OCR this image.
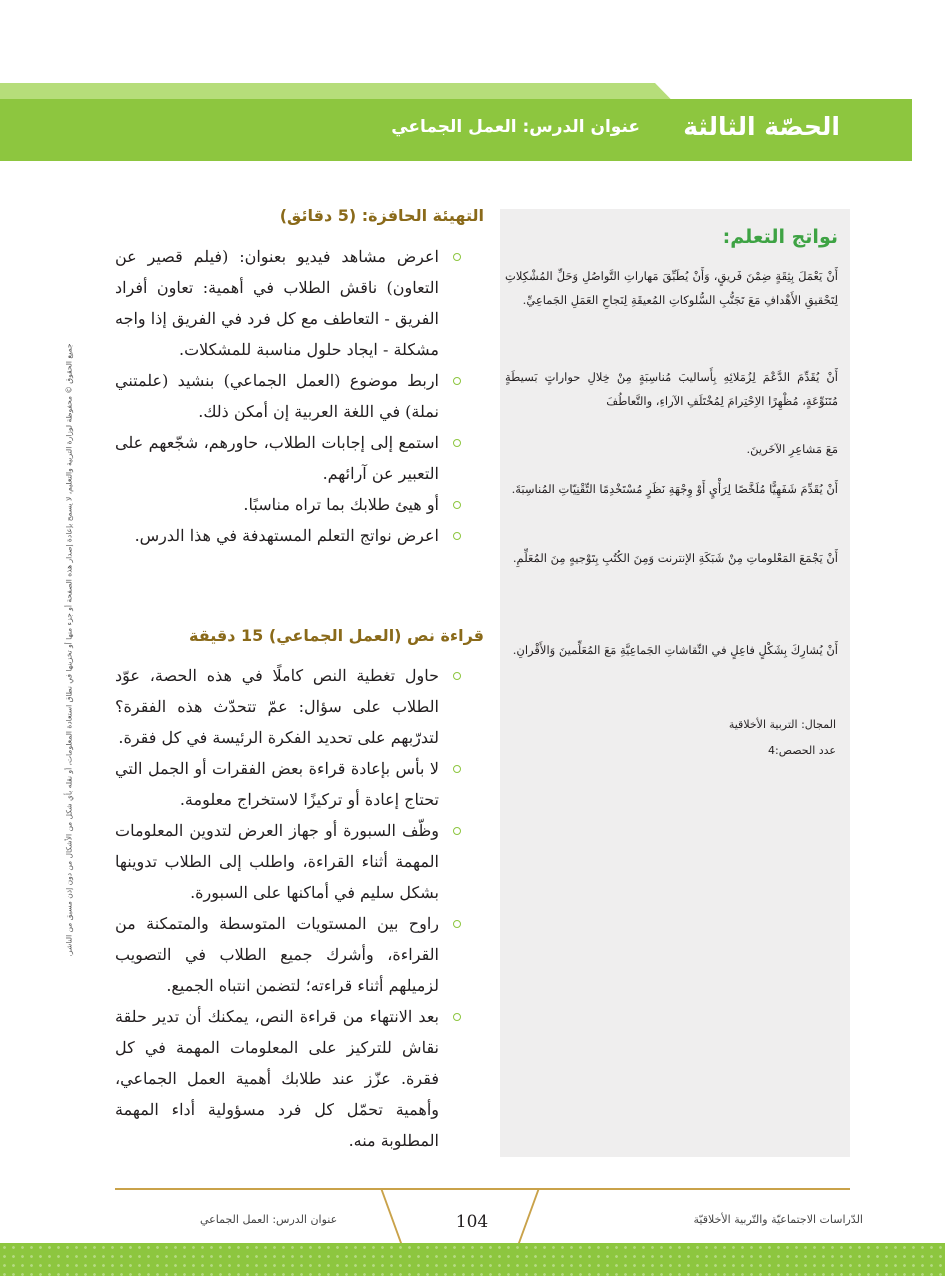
الحصّة الثالثة
عنوان الدرس: العمل الجماعي
نواتج التعلم:
أَنْ يَعْمَلَ بِثِقَةٍ ضِمْنَ فَريقٍ، وَأَنْ يُطَبِّقَ مَهاراتِ التَّواصُلِ وَحَلِّ المُشْكِلاتِ لِتَحْقيقِ الأَهْدافِ مَعَ تَجَنُّبِ السُّلوكاتِ المُعيقَةِ لِنَجاحِ العَمَلِ الجَماعِيِّ.
أَنْ يُقَدِّمَ الدَّعْمَ لِزُمَلائِهِ بِأَساليبَ مُناسِبَةٍ مِنْ خِلالِ حواراتٍ بَسيطَةٍ مُتَنَوِّعَةٍ، مُظْهِرًا الاِحْتِرامَ لِمُخْتَلَفِ الآراءِ، والتَّعاطُفَ
مَعَ مَشاعِرِ الآخَرينَ.
أَنْ يُقَدِّمَ شَفَهِيًّا مُلَخَّصًا لِرَأْيٍ أَوْ وِجْهَةِ نَظَرٍ مُسْتَخْدِمًا التِّقْنِيّاتِ المُناسِبَةَ.
أَنْ يَجْمَعَ المَعْلوماتِ مِنْ شَبَكَةِ الإنترنت وَمِنَ الكُتُبِ بِتَوْجيهٍ مِنَ المُعَلِّمِ.
أَنْ يُشارِكَ بِشَكْلٍ فاعِلٍ في النِّقاشاتِ الجَماعِيَّةِ مَعَ المُعَلِّمينَ وَالأَقْرانِ.
المجال: التربية الأخلاقية
عدد الحصص:4
جميع الحقوق © محفوظة لوزارة التربية والتعليم، لا يسمح بإعادة إصدار هذه الصفحة أو جزء منها أو تخزينها في نطاق استعادة المعلومات، أو نقله بأي شكل من الأشكال من دون إذن مسبق من الناشر.
التهيئة الحافزة: (5 دقائق)
اعرض مشاهد فيديو بعنوان: (فيلم قصير عن التعاون) ناقش الطلاب في أهمية: تعاون أفراد الفريق - التعاطف مع كل فرد في الفريق إذا واجه مشكلة - ايجاد حلول مناسبة للمشكلات.
اربط موضوع (العمل الجماعي) بنشيد (علمتني نملة) في اللغة العربية إن أمكن ذلك.
استمع إلى إجابات الطلاب، حاورهم، شجّعهم على التعبير عن آرائهم.
أو هيئ طلابك بما تراه مناسبًا.
اعرض نواتج التعلم المستهدفة في هذا الدرس.
قراءة نص (العمل الجماعي) 15 دقيقة
حاول تغطية النص كاملًا في هذه الحصة، عوّد الطلاب على سؤال: عمّ تتحدّث هذه الفقرة؟ لتدرّبهم على تحديد الفكرة الرئيسة في كل فقرة.
لا بأس بإعادة قراءة بعض الفقرات أو الجمل التي تحتاج إعادة أو تركيزًا لاستخراج معلومة.
وظّف السبورة أو جهاز العرض لتدوين المعلومات المهمة أثناء القراءة، واطلب إلى الطلاب تدوينها بشكل سليم في أماكنها على السبورة.
راوح بين المستويات المتوسطة والمتمكنة من القراءة، وأشرك جميع الطلاب في التصويب لزميلهم أثناء قراءته؛ لتضمن انتباه الجميع.
بعد الانتهاء من قراءة النص، يمكنك أن تدير حلقة نقاش للتركيز على المعلومات المهمة في كل فقرة. عزّز عند طلابك أهمية العمل الجماعي، وأهمية تحمّل كل فرد مسؤولية أداء المهمة المطلوبة منه.
104
عنوان الدرس: العمل الجماعي	الدّراسات الاجتماعيّة والتّربية الأخلاقيّة
